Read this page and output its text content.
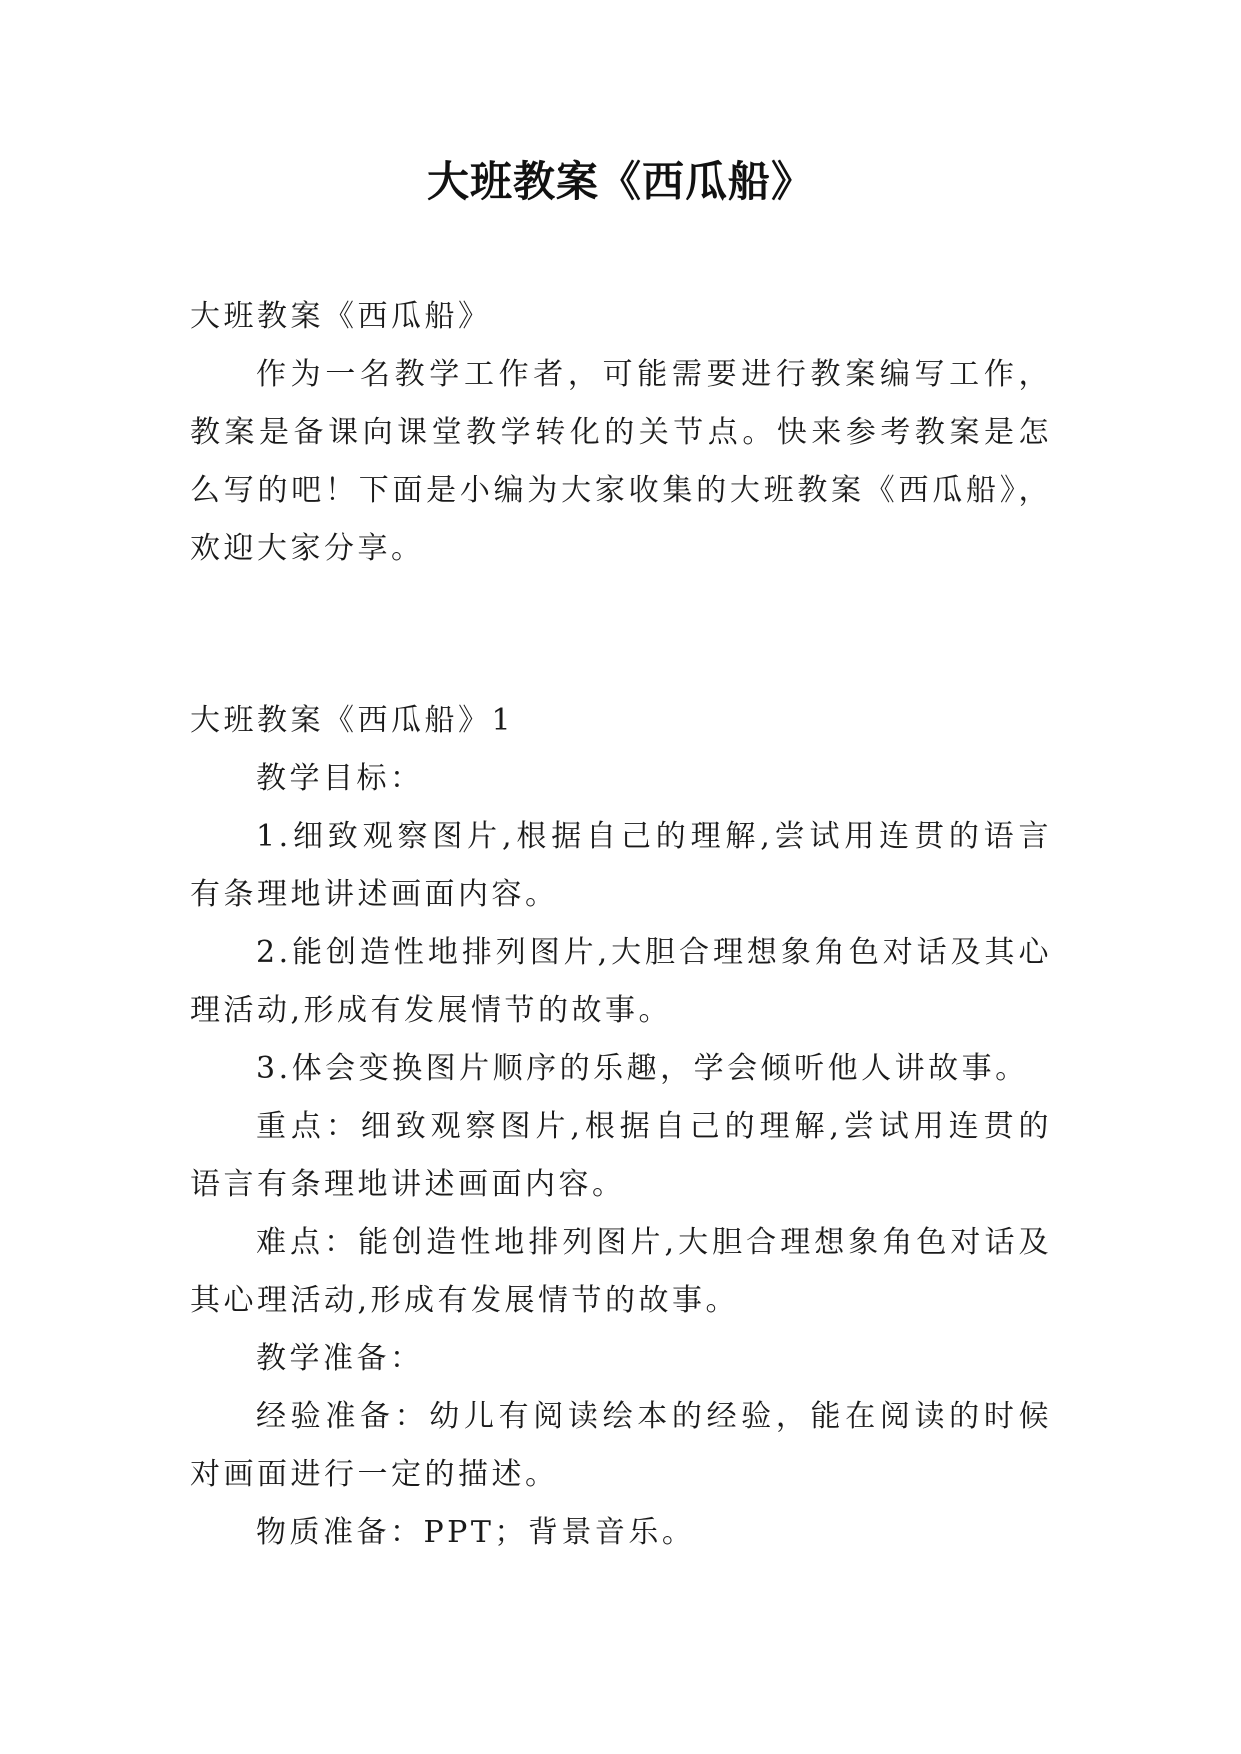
大班教案《西瓜船》

大班教案《西瓜船》

作为一名教学工作者，可能需要进行教案编写工作，教案是备课向课堂教学转化的关节点。快来参考教案是怎么写的吧！下面是小编为大家收集的大班教案《西瓜船》，欢迎大家分享。

大班教案《西瓜船》1

教学目标：

1.细致观察图片,根据自己的理解,尝试用连贯的语言有条理地讲述画面内容。

2.能创造性地排列图片,大胆合理想象角色对话及其心理活动,形成有发展情节的故事。

3.体会变换图片顺序的乐趣，学会倾听他人讲故事。

重点：细致观察图片,根据自己的理解,尝试用连贯的语言有条理地讲述画面内容。

难点：能创造性地排列图片,大胆合理想象角色对话及其心理活动,形成有发展情节的故事。

教学准备：

经验准备：幼儿有阅读绘本的经验，能在阅读的时候对画面进行一定的描述。

物质准备：PPT；背景音乐。
